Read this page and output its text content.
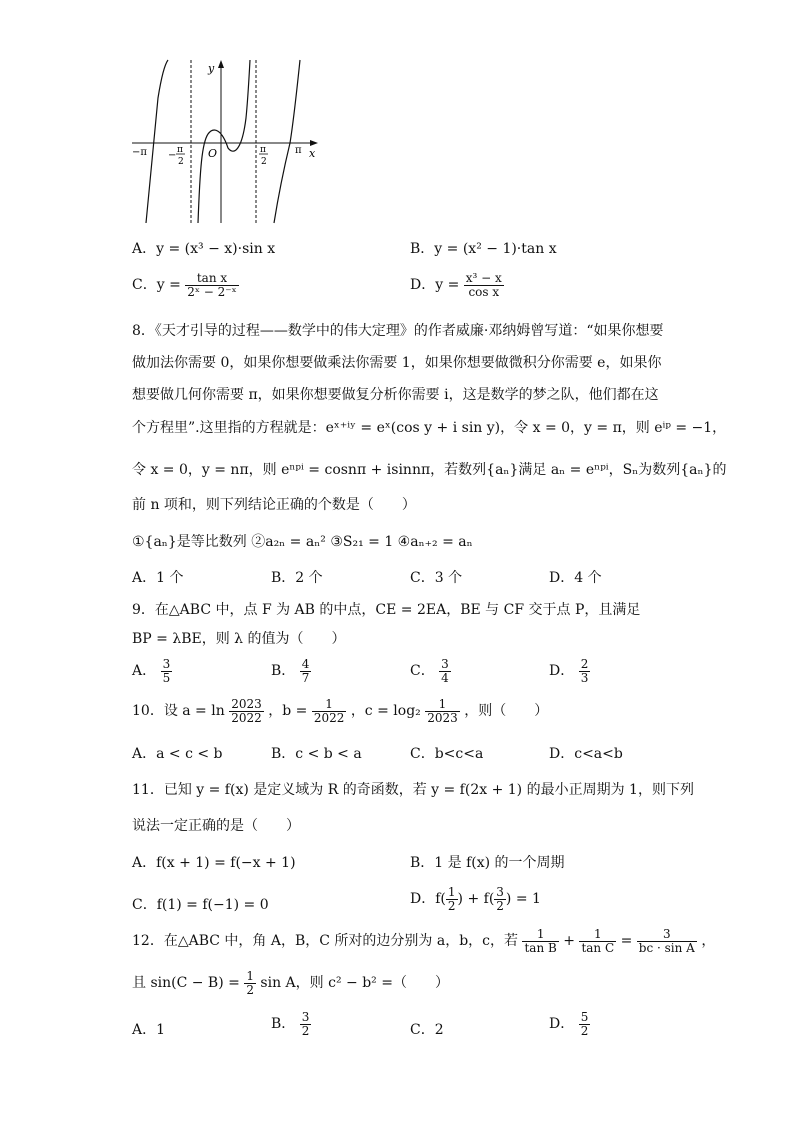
y
x
O
−π − π
2
π
2
π
A．y = (x³ − x)·sin x	B．y = (x² − 1)·tan x
C．$y = \frac{\text{tan x}}{\text{2ˣ − 2⁻ˣ}}$	D．$y = \frac{\text{x³ − x}}{\text{cos x}}$
8．《天才引导的过程——数学中的伟大定理》的作者威廉·邓纳姆曾写道：“如果你想要
做加法你需要 0，如果你想要做乘法你需要 1，如果你想要做微积分你需要 e，如果你
想要做几何你需要 π，如果你想要做复分析你需要 i，这是数学的梦之队，他们都在这
个方程里”.这里指的方程就是：eˣ⁺ⁱʸ = eˣ(cos y + i sin y)，令 x = 0，y = π，则 eⁱᵖ = −1，
令 x = 0，y = nπ，则 eⁿᵖⁱ = cosnπ + isinnπ，若数列{aₙ}满足 aₙ = eⁿᵖⁱ，Sₙ为数列{aₙ}的
前 n 项和，则下列结论正确的个数是（　　）
①{aₙ}是等比数列 ②a₂ₙ = aₙ² ③S₂₁ = 1 ④aₙ₊₂ = aₙ
A．1 个	B．2 个	C．3 个	D．4 个
9．在△ABC 中，点 F 为 AB 的中点，CE = 2EA，BE 与 CF 交于点 P，且满足
BP = λBE，则 λ 的值为（　　）
A． $\frac{3}{5}$	B． $\frac{4}{7}$	C． $\frac{3}{4}$	D． $\frac{2}{3}$
10．设 $a = \ln \frac{2023}{2022}$ ，$b = \frac{1}{2022}$ ，$c = \log_2 \frac{1}{2023}$ ，则（　　）
A．a < c < b	B．c < b < a	C．b<c<a	D．c<a<b
11．已知 y = f(x) 是定义域为 R 的奇函数，若 y = f(2x + 1) 的最小正周期为 1，则下列
说法一定正确的是（　　）
A．f(x + 1) = f(−x + 1)	B．1 是 f(x) 的一个周期
C．f(1) = f(−1) = 0	D．$f( \frac{1}{2}$ ) + $f( \frac{3}{2}$ ) = 1
12．在△ABC 中，角 A，B，C 所对的边分别为 a，b，c，若 $\frac{1}{\text{tan B}} + \frac{1}{\text{tan C}} = \frac{3}{\text{bc · sin A}}$ ，
且 $\sin(C - B) = \frac{1}{2}$ sin A，则 c² − b² =（　　）
A．1	B． $\frac{3}{2}$	C．2	D． $\frac{5}{2}$
